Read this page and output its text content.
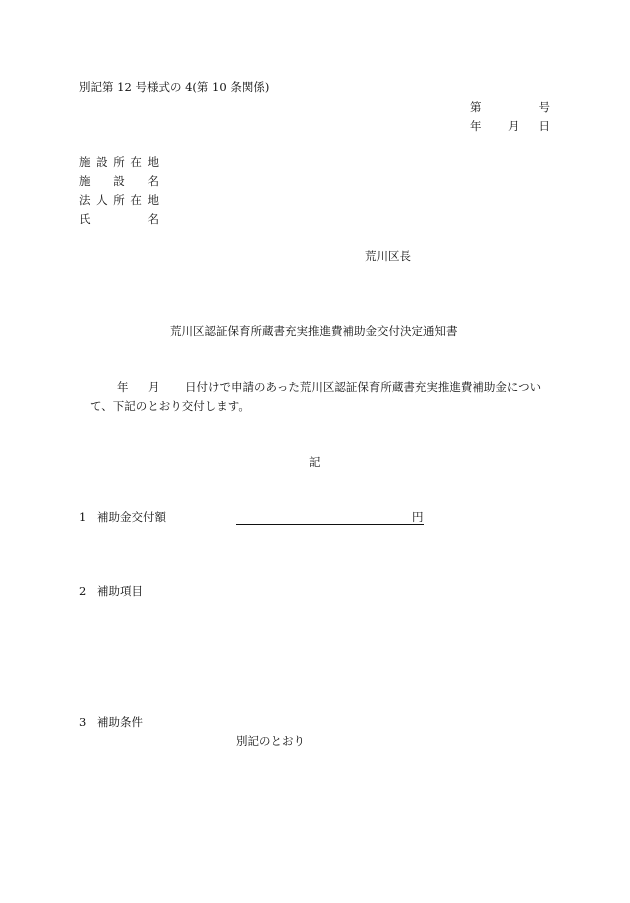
別記第 12 号様式の 4(第 10 条関係)
第	号
年 月 日
施設所在地
施設名
法人所在地
氏名
荒川区長
荒川区認証保育所蔵書充実推進費補助金交付決定通知書
年 月 日付けで申請のあった荒川区認証保育所蔵書充実推進費補助金につい
て、下記のとおり交付します。
記
1 補助金交付額	円
2 補助項目
3 補助条件
別記のとおり
